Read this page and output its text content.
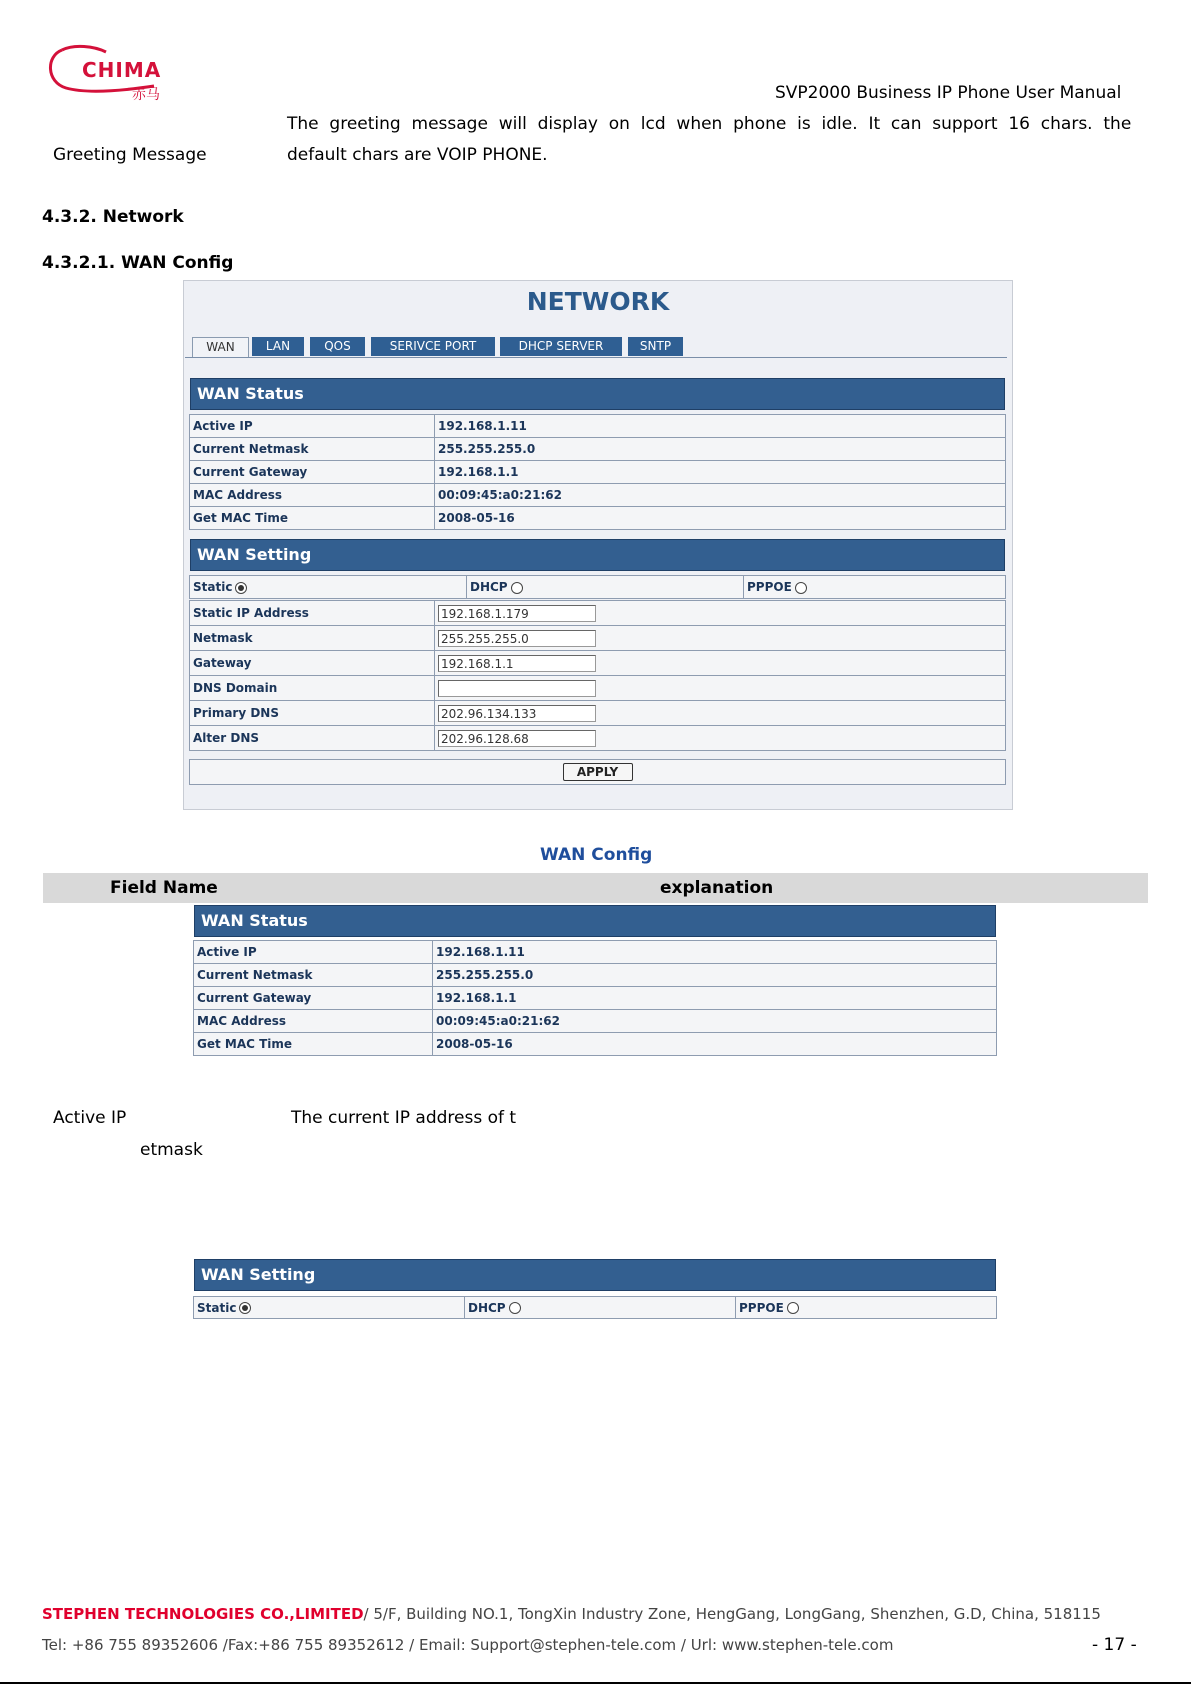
CHIMA
赤马	SVP2000 Business IP Phone User Manual
The  greeting  message  will  display  on  lcd  when  phone  is  idle.  It  can  support  16  chars.  the
Greeting Message	default chars are VOIP PHONE.
4.3.2. Network
4.3.2.1. WAN Config
NETWORK
WAN	LAN	QOS	SERIVCE PORT	DHCP SERVER	SNTP
WAN Status
Active IP	192.168.1.11
Current Netmask	255.255.255.0
Current Gateway	192.168.1.1
MAC Address	00:09:45:a0:21:62
Get MAC Time	2008-05-16
WAN Setting
Static	DHCP	PPPOE
Static IP Address	192.168.1.179
Netmask	255.255.255.0
Gateway	192.168.1.1
DNS Domain	
Primary DNS	202.96.134.133
Alter DNS	202.96.128.68
APPLY
WAN Config
Field Name	explanation
WAN Status
Active IP	192.168.1.11
Current Netmask	255.255.255.0
Current Gateway	192.168.1.1
MAC Address	00:09:45:a0:21:62
Get MAC Time	2008-05-16
Active IP	The current IP address of t
etmask
WAN Setting
Static	DHCP	PPPOE
STEPHEN TECHNOLOGIES CO.,LIMITED/ 5/F, Building NO.1, TongXin Industry Zone, HengGang, LongGang, Shenzhen, G.D, China, 518115
Tel: +86 755 89352606 /Fax:+86 755 89352612 / Email: Support@stephen-tele.com / Url: www.stephen-tele.com	- 17 -
